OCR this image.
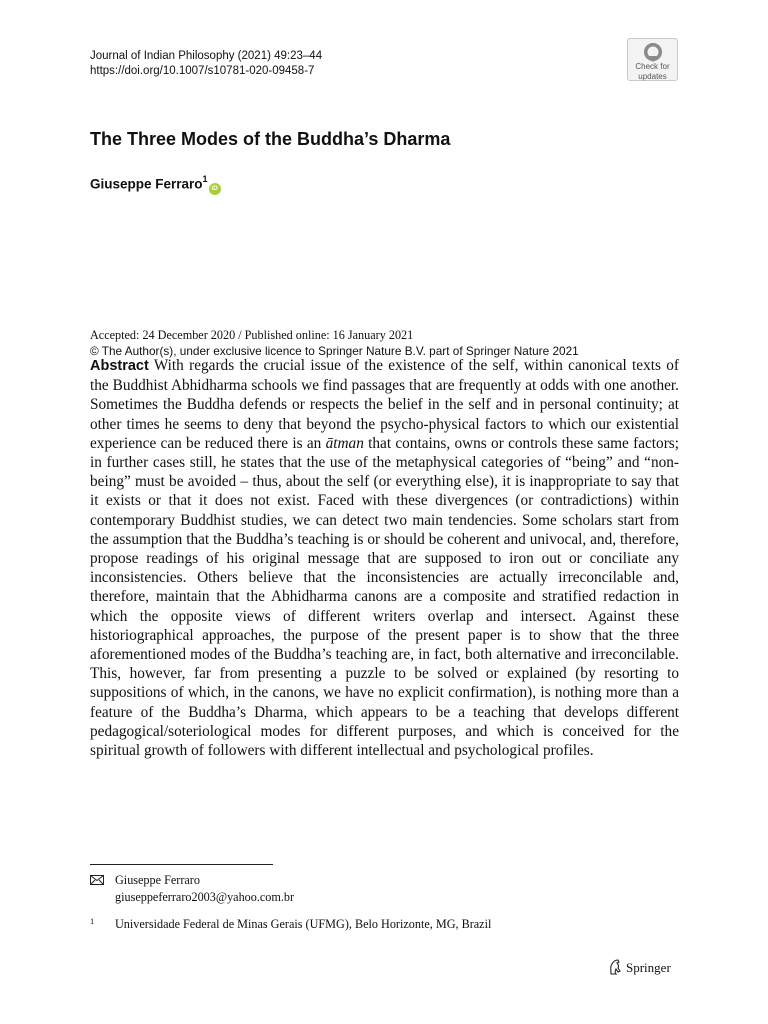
Journal of Indian Philosophy (2021) 49:23–44
https://doi.org/10.1007/s10781-020-09458-7	Check for
updates
The Three Modes of the Buddha’s Dharma
Giuseppe Ferraro$^1$iD
Accepted: 24 December 2020 / Published online: 16 January 2021
© The Author(s), under exclusive licence to Springer Nature B.V. part of Springer Nature 2021
Abstract With regards the crucial issue of the existence of the self, within canonical texts of the Buddhist Abhidharma schools we find passages that are frequently at odds with one another. Sometimes the Buddha defends or respects the belief in the self and in personal continuity; at other times he seems to deny that beyond the psycho-physical factors to which our existential experience can be reduced there is an ātman that contains, owns or controls these same factors; in further cases still, he states that the use of the metaphysical categories of “being” and “non-being” must be avoided – thus, about the self (or everything else), it is inappropriate to say that it exists or that it does not exist. Faced with these divergences (or contradictions) within contemporary Buddhist studies, we can detect two main tendencies. Some scholars start from the assumption that the Buddha’s teaching is or should be coherent and univocal, and, therefore, propose readings of his original message that are supposed to iron out or conciliate any inconsistencies. Others believe that the inconsistencies are actually irreconcilable and, therefore, maintain that the Abhidharma canons are a composite and stratified redaction in which the opposite views of different writers overlap and intersect. Against these historiographical approaches, the purpose of the present paper is to show that the three aforementioned modes of the Buddha’s teaching are, in fact, both alternative and irreconcilable. This, however, far from presenting a puzzle to be solved or explained (by resorting to suppositions of which, in the canons, we have no explicit confirmation), is nothing more than a feature of the Buddha’s Dharma, which appears to be a teaching that develops different pedagogical/soteriological modes for different purposes, and which is conceived for the spiritual growth of followers with different intellectual and psychological profiles.
Giuseppe Ferraro
giuseppeferraro2003@yahoo.com.br
1 Universidade Federal de Minas Gerais (UFMG), Belo Horizonte, MG, Brazil
Springer
